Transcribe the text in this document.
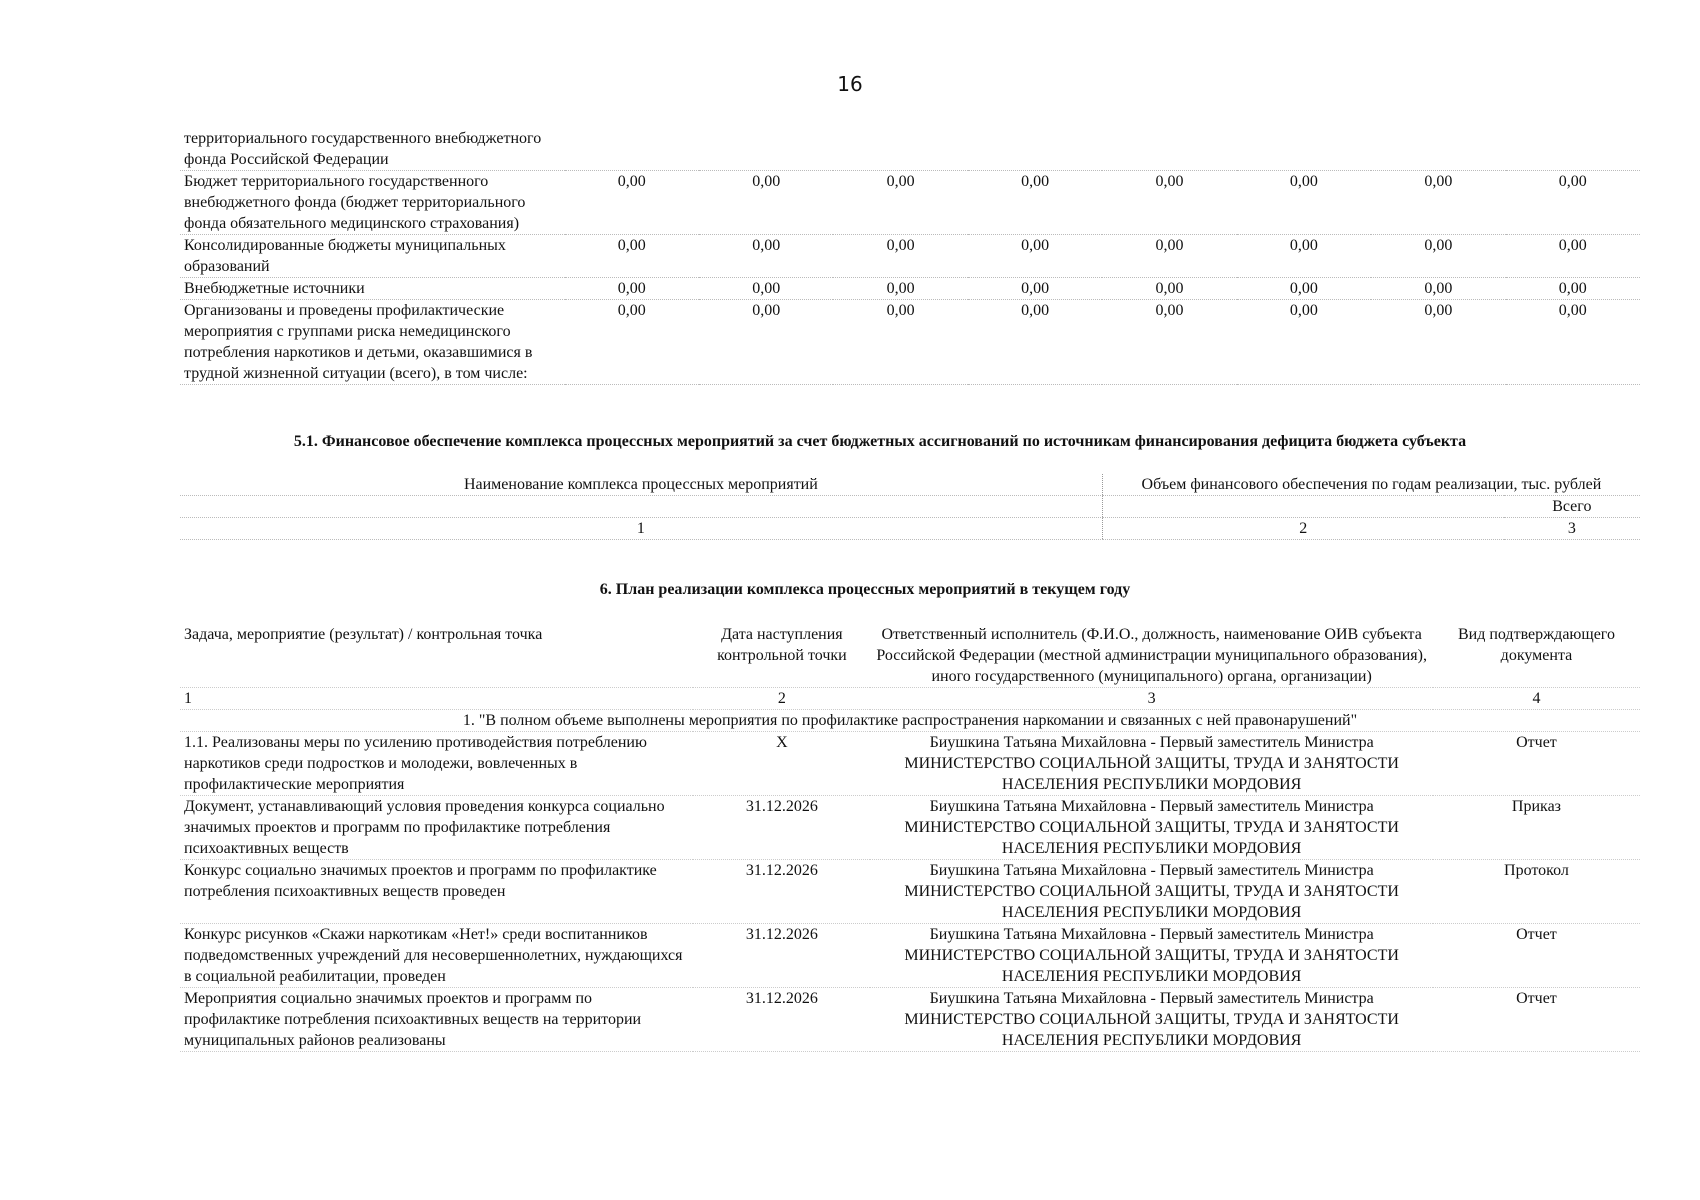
16
территориального государственного внебюджетного фонда Российской Федерации								
Бюджет территориального государственного внебюджетного фонда (бюджет территориального фонда обязательного медицинского страхования)	0,00	0,00	0,00	0,00	0,00	0,00	0,00	0,00
Консолидированные бюджеты муниципальных образований	0,00	0,00	0,00	0,00	0,00	0,00	0,00	0,00
Внебюджетные источники	0,00	0,00	0,00	0,00	0,00	0,00	0,00	0,00
Организованы и проведены профилактические мероприятия с группами риска немедицинского потребления наркотиков и детьми, оказавшимися в трудной жизненной ситуации (всего), в том числе:	0,00	0,00	0,00	0,00	0,00	0,00	0,00	0,00
5.1. Финансовое обеспечение комплекса процессных мероприятий за счет бюджетных ассигнований по источникам финансирования дефицита бюджета субъекта
Наименование комплекса процессных мероприятий	Объем финансового обеспечения по годам реализации, тыс. рублей	
		Всего
1	2	3
6. План реализации комплекса процессных мероприятий в текущем году
Задача, мероприятие (результат) / контрольная точка	Дата наступления контрольной точки	Ответственный исполнитель (Ф.И.О., должность, наименование ОИВ субъекта Российской Федерации (местной администрации муниципального образования), иного государственного (муниципального) органа, организации)	Вид подтверждающего документа
1	2	3	4
1. "В полном объеме выполнены мероприятия по профилактике распространения наркомании и связанных с ней правонарушений"			
1.1. Реализованы меры по усилению противодействия потреблению наркотиков среди подростков и молодежи, вовлеченных в профилактические мероприятия	X	Биушкина Татьяна Михайловна - Первый заместитель Министра МИНИСТЕРСТВО СОЦИАЛЬНОЙ ЗАЩИТЫ, ТРУДА И ЗАНЯТОСТИ НАСЕЛЕНИЯ РЕСПУБЛИКИ МОРДОВИЯ	Отчет
Документ, устанавливающий условия проведения конкурса социально значимых проектов и программ по профилактике потребления психоактивных веществ	31.12.2026	Биушкина Татьяна Михайловна - Первый заместитель Министра МИНИСТЕРСТВО СОЦИАЛЬНОЙ ЗАЩИТЫ, ТРУДА И ЗАНЯТОСТИ НАСЕЛЕНИЯ РЕСПУБЛИКИ МОРДОВИЯ	Приказ
Конкурс социально значимых проектов и программ по профилактике потребления психоактивных веществ проведен	31.12.2026	Биушкина Татьяна Михайловна - Первый заместитель Министра МИНИСТЕРСТВО СОЦИАЛЬНОЙ ЗАЩИТЫ, ТРУДА И ЗАНЯТОСТИ НАСЕЛЕНИЯ РЕСПУБЛИКИ МОРДОВИЯ	Протокол
Конкурс рисунков «Скажи наркотикам «Нет!» среди воспитанников подведомственных учреждений для несовершеннолетних, нуждающихся в социальной реабилитации, проведен	31.12.2026	Биушкина Татьяна Михайловна - Первый заместитель Министра МИНИСТЕРСТВО СОЦИАЛЬНОЙ ЗАЩИТЫ, ТРУДА И ЗАНЯТОСТИ НАСЕЛЕНИЯ РЕСПУБЛИКИ МОРДОВИЯ	Отчет
Мероприятия социально значимых проектов и программ по профилактике потребления психоактивных веществ на территории муниципальных районов реализованы	31.12.2026	Биушкина Татьяна Михайловна - Первый заместитель Министра МИНИСТЕРСТВО СОЦИАЛЬНОЙ ЗАЩИТЫ, ТРУДА И ЗАНЯТОСТИ НАСЕЛЕНИЯ РЕСПУБЛИКИ МОРДОВИЯ	Отчет
